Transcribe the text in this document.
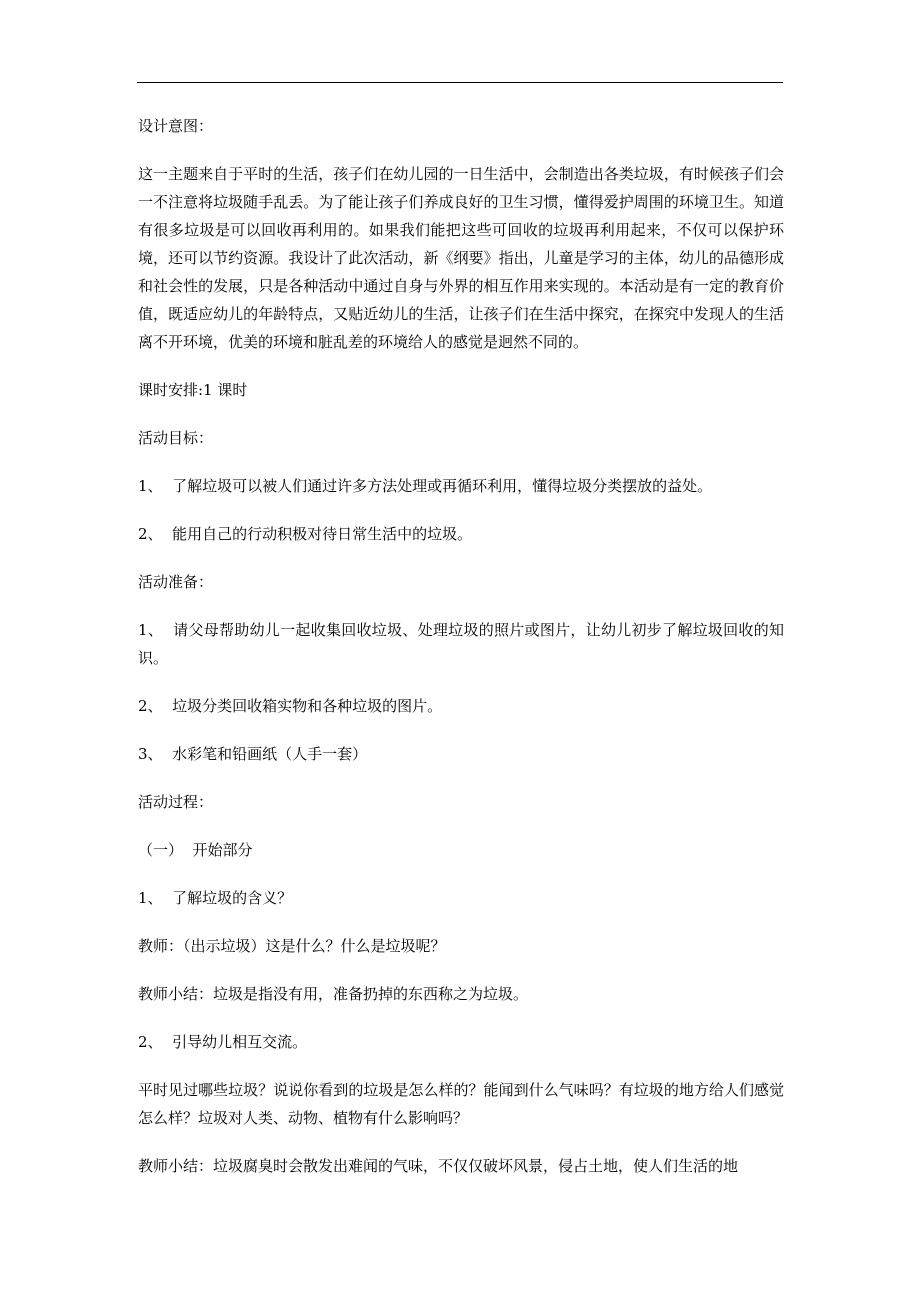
设计意图：

这一主题来自于平时的生活，孩子们在幼儿园的一日生活中，会制造出各类垃圾，有时候孩子们会一不注意将垃圾随手乱丢。为了能让孩子们养成良好的卫生习惯，懂得爱护周围的环境卫生。知道有很多垃圾是可以回收再利用的。如果我们能把这些可回收的垃圾再利用起来，不仅可以保护环境，还可以节约资源。我设计了此次活动，新《纲要》指出，儿童是学习的主体，幼儿的品德形成和社会性的发展，只是各种活动中通过自身与外界的相互作用来实现的。本活动是有一定的教育价值，既适应幼儿的年龄特点，又贴近幼儿的生活，让孩子们在生活中探究，在探究中发现人的生活离不开环境，优美的环境和脏乱差的环境给人的感觉是迥然不同的。

课时安排:1 课时

活动目标：

1、  了解垃圾可以被人们通过许多方法处理或再循环利用，懂得垃圾分类摆放的益处。

2、  能用自己的行动积极对待日常生活中的垃圾。

活动准备：

1、  请父母帮助幼儿一起收集回收垃圾、处理垃圾的照片或图片，让幼儿初步了解垃圾回收的知识。

2、  垃圾分类回收箱实物和各种垃圾的图片。

3、  水彩笔和铅画纸（人手一套）

活动过程：

（一）  开始部分

1、  了解垃圾的含义？

教师：（出示垃圾）这是什么？什么是垃圾呢？

教师小结：垃圾是指没有用，准备扔掉的东西称之为垃圾。

2、  引导幼儿相互交流。

平时见过哪些垃圾？说说你看到的垃圾是怎么样的？能闻到什么气味吗？有垃圾的地方给人们感觉怎么样？垃圾对人类、动物、植物有什么影响吗？

教师小结：垃圾腐臭时会散发出难闻的气味，不仅仅破坏风景，侵占土地，使人们生活的地
